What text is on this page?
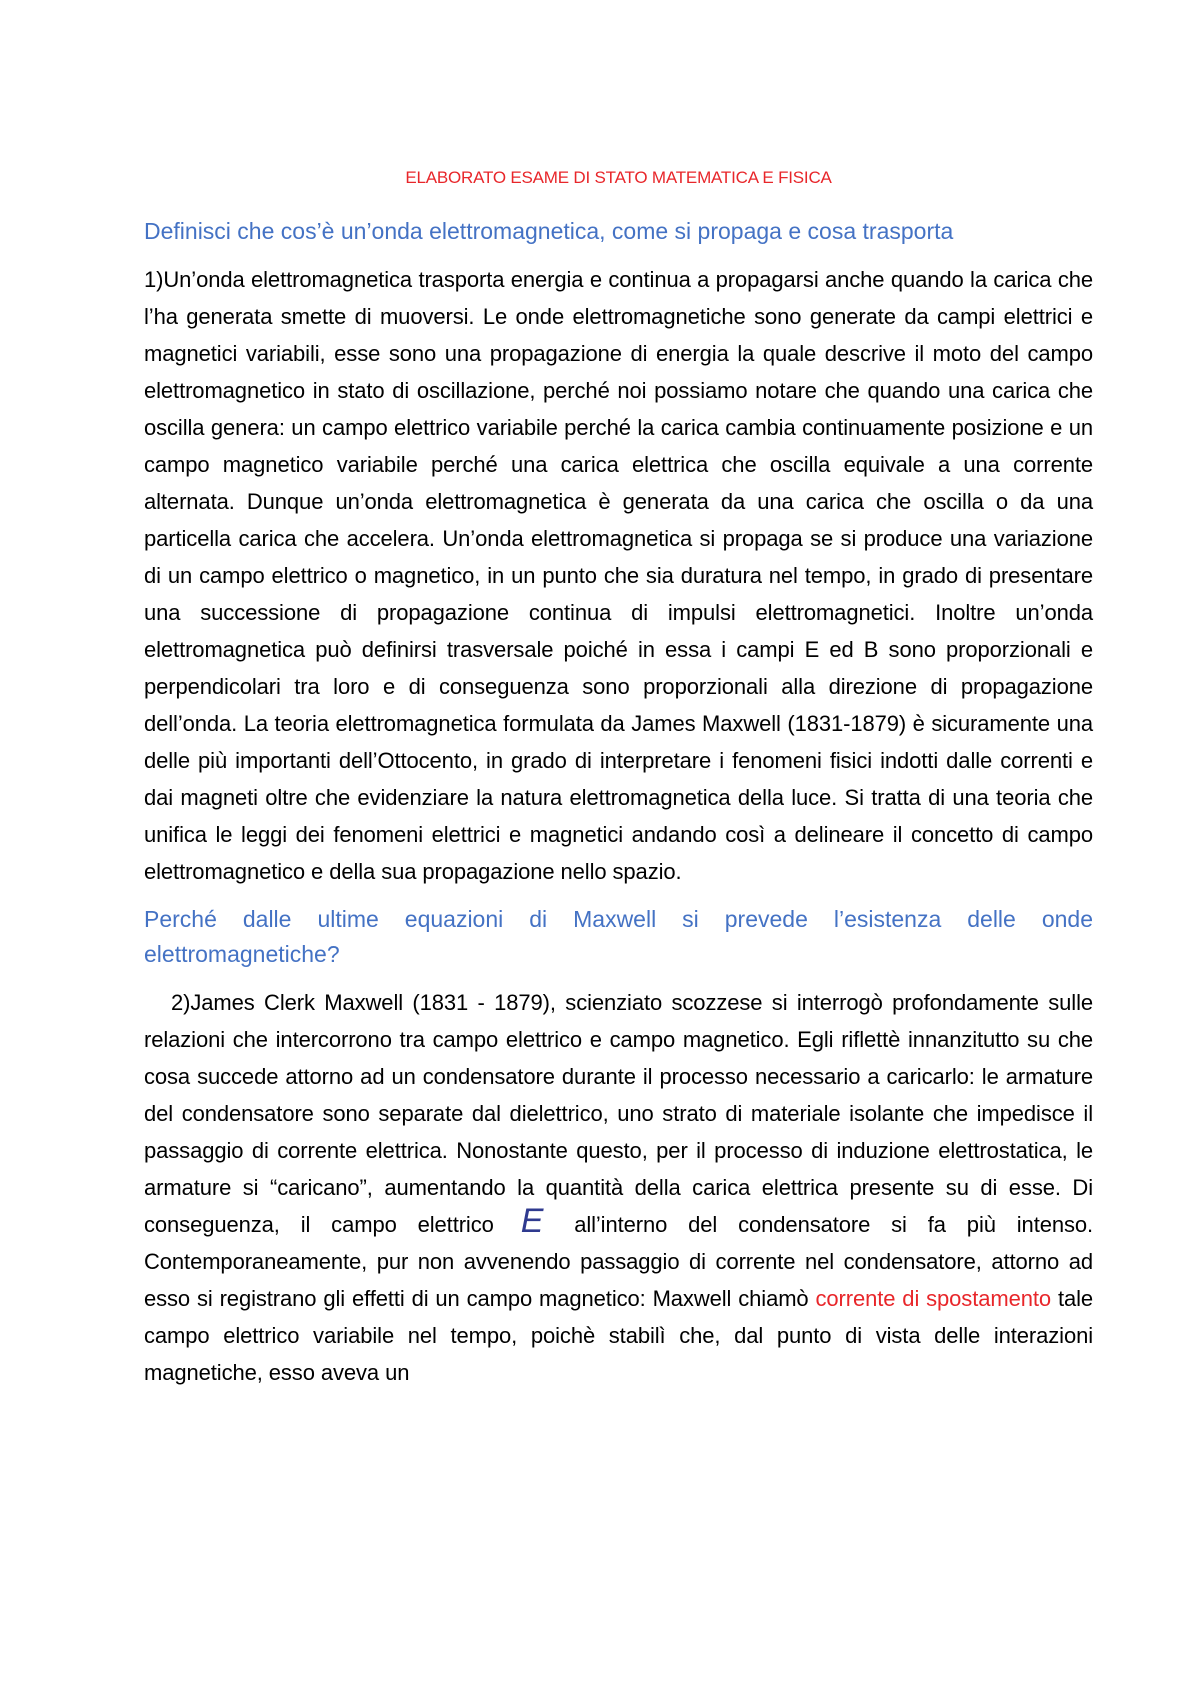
ELABORATO ESAME DI STATO MATEMATICA E FISICA
Definisci che cos’è un’onda elettromagnetica, come si propaga e cosa trasporta

1)Un’onda elettromagnetica trasporta energia e continua a propagarsi anche quando la carica che l’ha generata smette di muoversi. Le onde elettromagnetiche sono generate da campi elettrici e magnetici variabili, esse sono una propagazione di energia la quale descrive il moto del campo elettromagnetico in stato di oscillazione, perché noi possiamo notare che quando una carica che oscilla genera: un campo elettrico variabile perché la carica cambia continuamente posizione e un campo magnetico variabile perché una carica elettrica che oscilla equivale a una corrente alternata. Dunque un’onda elettromagnetica è generata da una carica che oscilla o da una particella carica che accelera. Un’onda elettromagnetica si propaga se si produce una variazione di un campo elettrico o magnetico, in un punto che sia duratura nel tempo, in grado di presentare una successione di propagazione continua di impulsi elettromagnetici. Inoltre un’onda elettromagnetica può definirsi trasversale poiché in essa i campi E ed B sono proporzionali e perpendicolari tra loro e di conseguenza sono proporzionali alla direzione di propagazione dell’onda. La teoria elettromagnetica formulata da James Maxwell (1831-1879) è sicuramente una delle più importanti dell’Ottocento, in grado di interpretare i fenomeni fisici indotti dalle correnti e dai magneti oltre che evidenziare la natura elettromagnetica della luce. Si tratta di una teoria che unifica le leggi dei fenomeni elettrici e magnetici andando così a delineare il concetto di campo elettromagnetico e della sua propagazione nello spazio.

Perché dalle ultime equazioni di Maxwell si prevede l’esistenza delle onde elettromagnetiche?

2)James Clerk Maxwell (1831 - 1879), scienziato scozzese si interrogò profondamente sulle relazioni che intercorrono tra campo elettrico e campo magnetico. Egli riflettè innanzitutto su che cosa succede attorno ad un condensatore durante il processo necessario a caricarlo: le armature del condensatore sono separate dal dielettrico, uno strato di materiale isolante che impedisce il passaggio di corrente elettrica. Nonostante questo, per il processo di induzione elettrostatica, le armature si “caricano”, aumentando la quantità della carica elettrica presente su di esse. Di conseguenza, il campo elettrico E all’interno del condensatore si fa più intenso. Contemporaneamente, pur non avvenendo passaggio di corrente nel condensatore, attorno ad esso si registrano gli effetti di un campo magnetico: Maxwell chiamò corrente di spostamento tale campo elettrico variabile nel tempo, poichè stabilì che, dal punto di vista delle interazioni magnetiche, esso aveva un
